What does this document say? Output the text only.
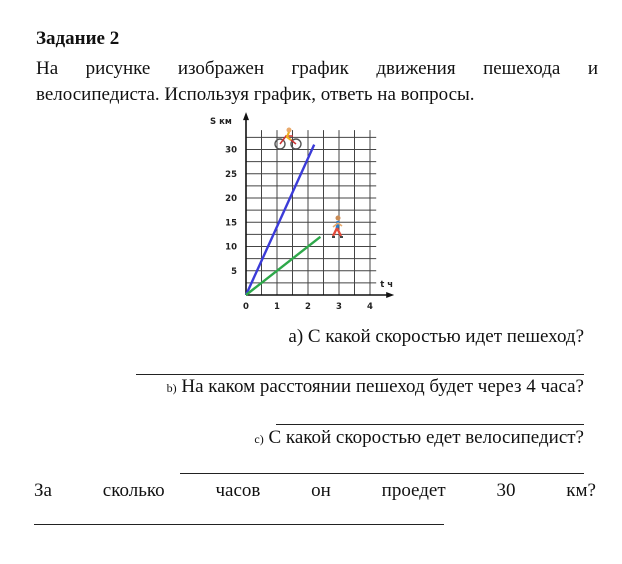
Задание 2
На рисунке изображен график движения пешехода и
велосипедиста. Используя график, ответь на вопросы.
5
10
15
20
25
30
0	1	2	3	4
S км
t ч
а) С какой скоростью идет пешеход?
b) На каком расстоянии пешеход будет через 4 часа?
c) С какой скоростью едет велосипедист?
За	сколько	часов	он	проедет	30	км?
